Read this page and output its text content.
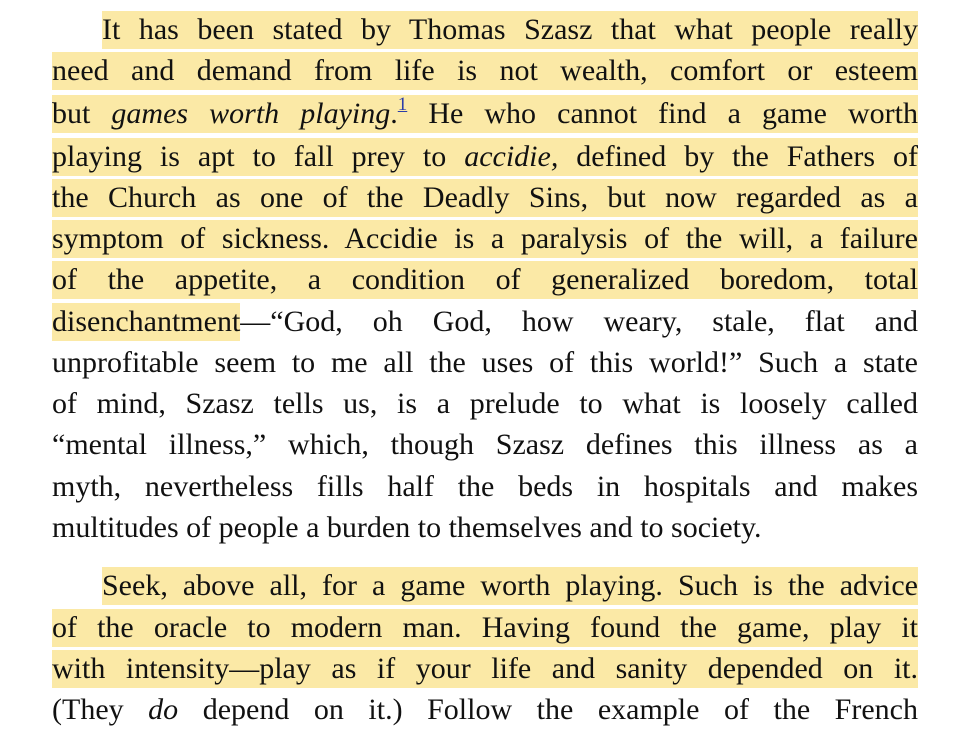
It has been stated by Thomas Szasz that what people really
need and demand from life is not wealth, comfort or esteem
but games worth playing.$^1$ He who cannot find a game worth
playing is apt to fall prey to accidie, defined by the Fathers of
the Church as one of the Deadly Sins, but now regarded as a
symptom of sickness. Accidie is a paralysis of the will, a failure
of the appetite, a condition of generalized boredom, total
disenchantment—“God, oh God, how weary, stale, flat and
unprofitable seem to me all the uses of this world!” Such a state
of mind, Szasz tells us, is a prelude to what is loosely called
“mental illness,” which, though Szasz defines this illness as a
myth, nevertheless fills half the beds in hospitals and makes
multitudes of people a burden to themselves and to society.
Seek, above all, for a game worth playing. Such is the advice
of the oracle to modern man. Having found the game, play it
with intensity—play as if your life and sanity depended on it.
(They do depend on it.) Follow the example of the French
